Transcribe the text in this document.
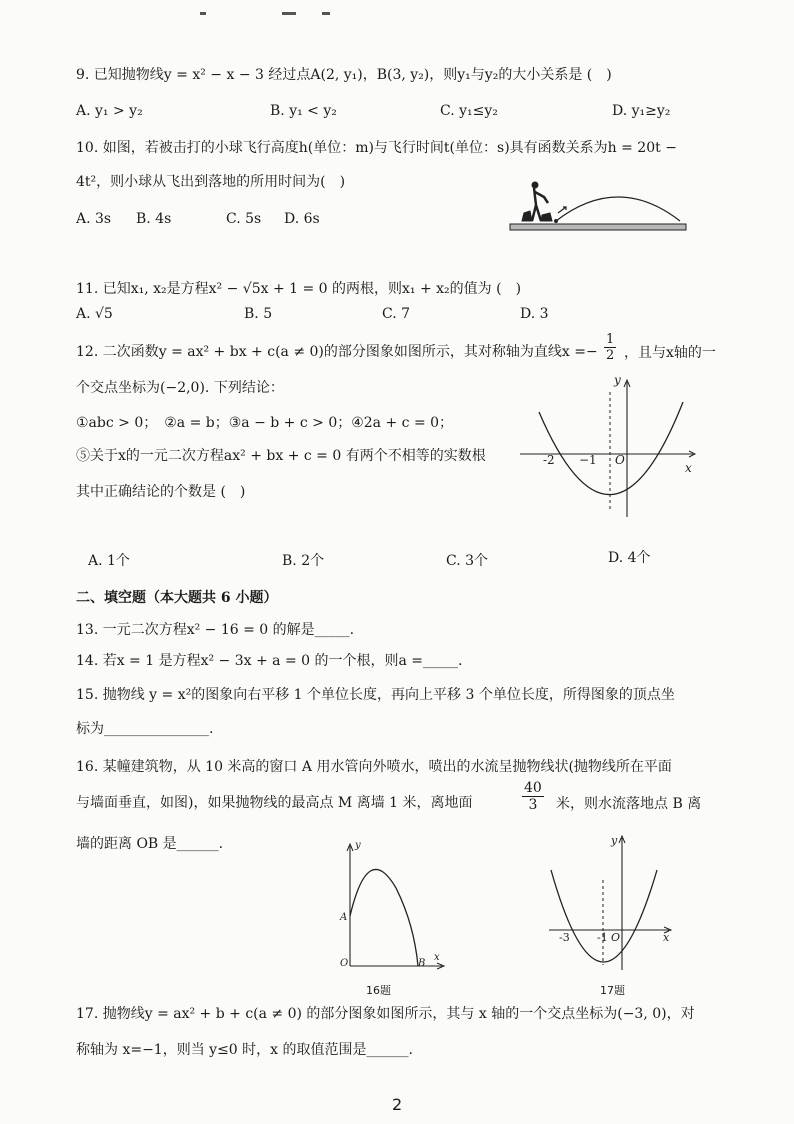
9. 已知抛物线y = x² − x − 3 经过点A(2, y₁)，B(3, y₂)，则y₁与y₂的大小关系是 (　)
A. y₁ > y₂	B. y₁ < y₂	C. y₁≤y₂	D. y₁≥y₂
10. 如图，若被击打的小球飞行高度h(单位：m)与飞行时间t(单位：s)具有函数关系为h = 20t −
4t²，则小球从飞出到落地的所用时间为(　)
A. 3s B. 4s	C. 5s D. 6s
11. 已知x₁, x₂是方程x² − √5x + 1 = 0 的两根，则x₁ + x₂的值为 (　)
A. √5	B. 5	C. 7	D. 3
12. 二次函数y = ax² + bx + c(a ≠ 0)的部分图象如图所示，其对称轴为直线$x =- \frac{1}{2}$ ，且与x轴的一
个交点坐标为(−2,0). 下列结论：
①abc > 0；　②a = b；③a − b + c > 0；④2a + c = 0；
⑤关于x的一元二次方程ax² + bx + c = 0 有两个不相等的实数根
其中正确结论的个数是 (　)
y
x
-2 −1 O
A. 1个	B. 2个	C. 3个	D. 4个
二、填空题（本大题共 6 小题）
13. 一元二次方程x² − 16 = 0 的解是_____.
14. 若x = 1 是方程x² − 3x + a = 0 的一个根，则a =_____.
15. 抛物线 y = x²的图象向右平移 1 个单位长度，再向上平移 3 个单位长度，所得图象的顶点坐
标为_______________.
16. 某幢建筑物，从 10 米高的窗口 A 用水管向外喷水，喷出的水流呈抛物线状(抛物线所在平面
与墙面垂直，如图)，如果抛物线的最高点 M 离墙 1 米，离地面	$\frac{40}{3}$ 米，则水流落地点 B 离
墙的距离 OB 是______.	y
A
O	B
x
16题
y
-3 -1 O	x
17题
17. 抛物线y = ax² + b + c(a ≠ 0) 的部分图象如图所示，其与 x 轴的一个交点坐标为(−3, 0)，对
称轴为 x=−1，则当 y≤0 时，x 的取值范围是______.
2
